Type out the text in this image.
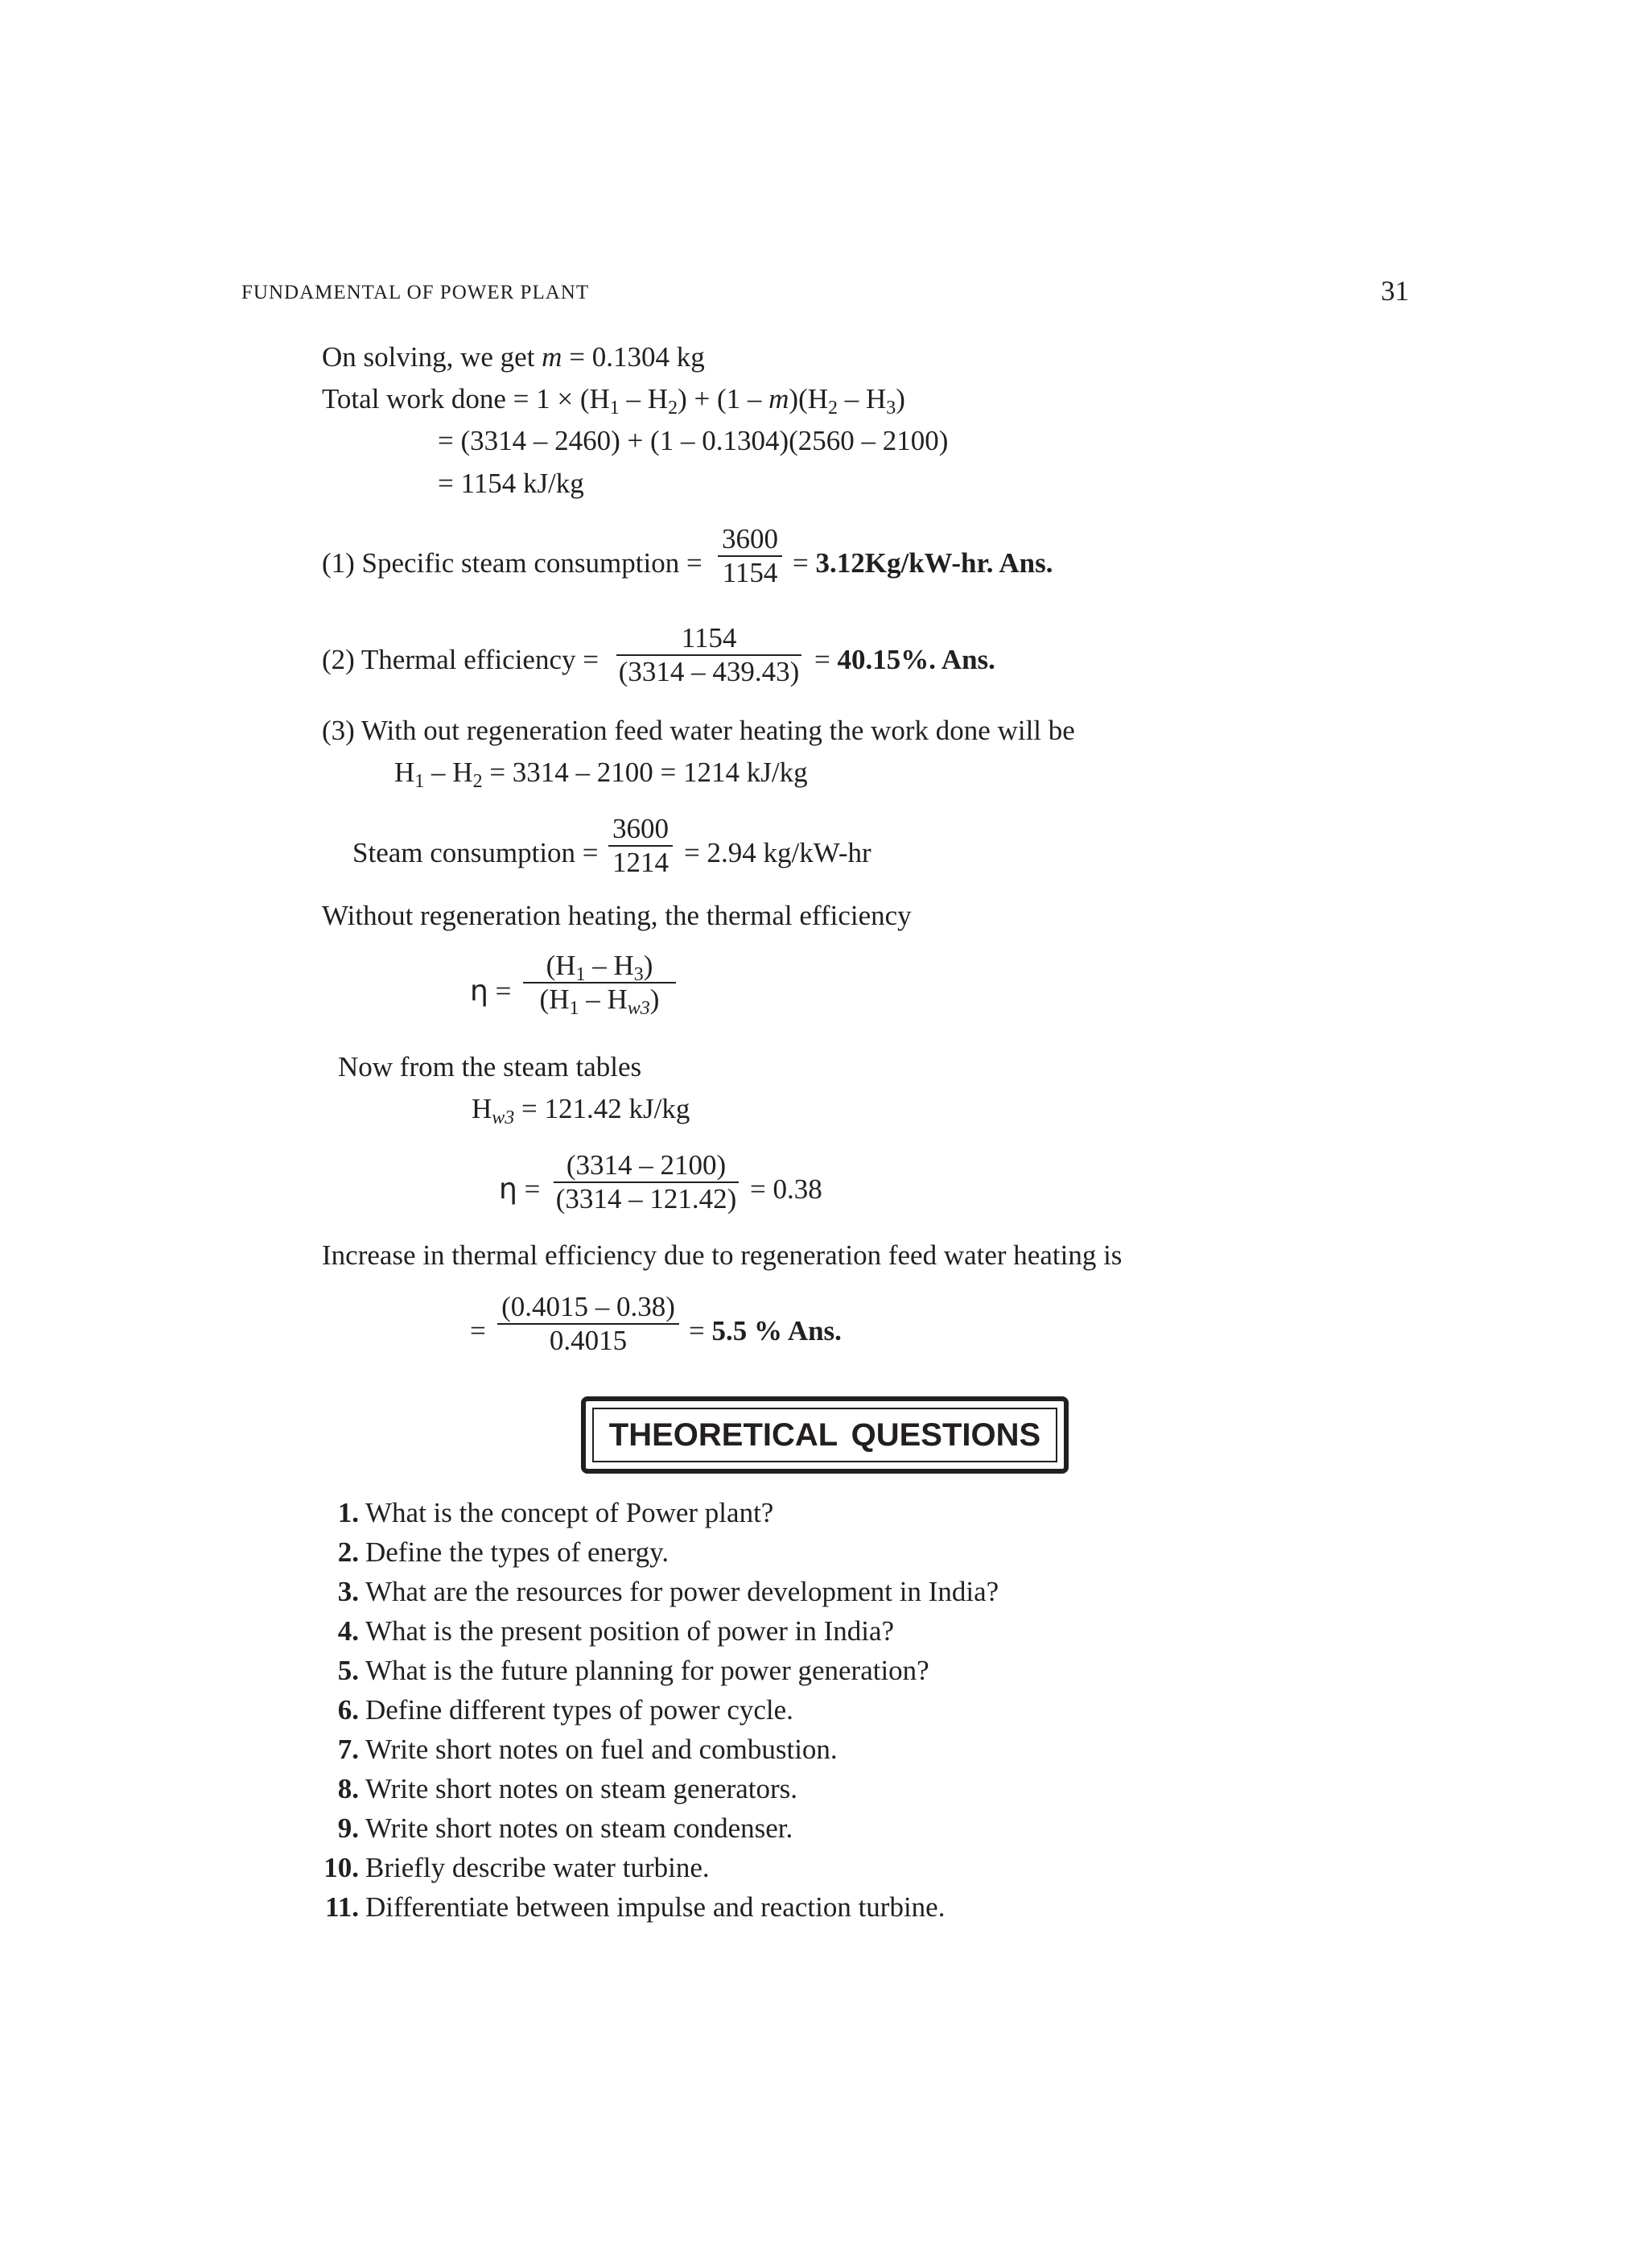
FUNDAMENTAL OF POWER PLANT	31
On solving, we get m = 0.1304 kg
Total work done = $1 \times (H_1 - H_2) + (1 - m)(H_2 - H_3)$
= (3314 – 2460) + (1 – 0.1304)(2560 – 2100)
= 1154 kJ/kg
(1) Specific steam consumption =
3600
1154 = 3.12Kg/kW-hr. Ans.
(2) Thermal efficiency =
1154
(3314 – 439.43) = 40.15%. Ans.
(3) With out regeneration feed water heating the work done will be
$H_1 - H_2 = 3314 - 2100 = 1214$ kJ/kg
Steam consumption =
3600
1214 = 2.94 kg/kW-hr
Without regeneration heating, the thermal efficiency
η =
$(H_1 - H_3)$
$(H_1 - H_{w3})$
Now from the steam tables
$H_{w3} = 121.42$ kJ/kg
η =
(3314 – 2100)
(3314 – 121.42) = 0.38
Increase in thermal efficiency due to regeneration feed water heating is
=
(0.4015 – 0.38)
0.4015	= 5.5 % Ans.
THEORETICAL QUESTIONS
1. What is the concept of Power plant?
2. Define the types of energy.
3. What are the resources for power development in India?
4. What is the present position of power in India?
5. What is the future planning for power generation?
6. Define different types of power cycle.
7. Write short notes on fuel and combustion.
8. Write short notes on steam generators.
9. Write short notes on steam condenser.
10. Briefly describe water turbine.
11. Differentiate between impulse and reaction turbine.
